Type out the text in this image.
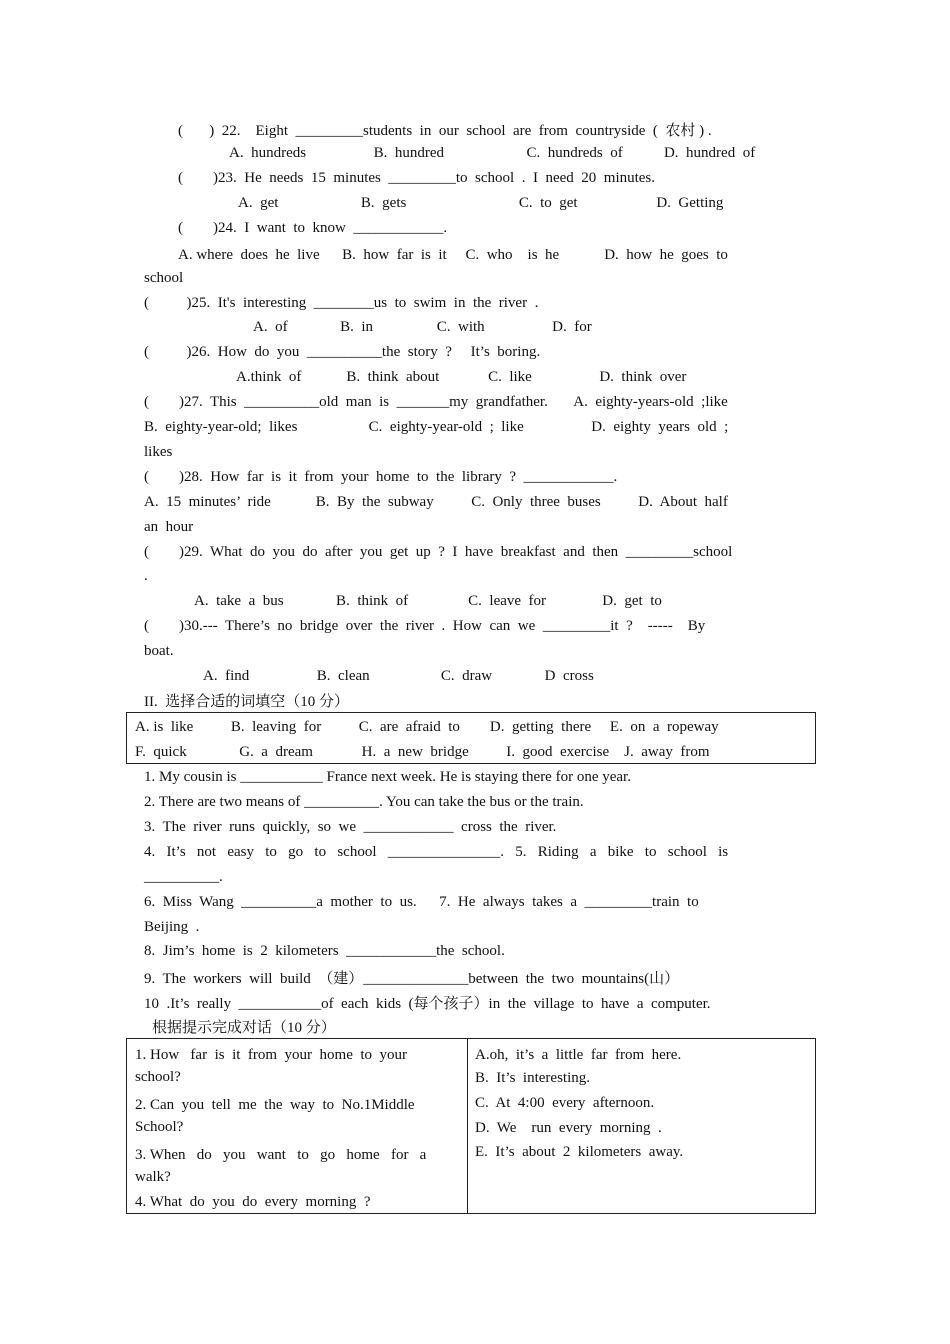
(       )  22.    Eight  _________students  in  our  school  are  from  countryside  (  农村 ) .
A.  hundreds                  B.  hundred                      C.  hundreds  of           D.  hundred  of
(        )23.  He  needs  15  minutes  _________to  school  .  I  need  20  minutes.
A.  get                      B.  gets                              C.  to  get                     D.  Getting
(        )24.  I  want  to  know  ____________.
A. where  does  he  live      B.  how  far  is  it     C.  who    is  he            D.  how  he  goes  to
school
(          )25.  It's  interesting  ________us  to  swim  in  the  river  .
A.  of              B.  in                 C.  with                  D.  for
(          )26.  How  do  you  __________the  story  ?     It’s  boring.
A.think  of            B.  think  about             C.  like                  D.  think  over
(        )27.  This  __________old  man  is  _______my  grandfather.       A.  eighty-years-old  ;like
B.  eighty-year-old;  likes                   C.  eighty-year-old  ;  like                  D.  eighty  years  old  ;
likes
(        )28.  How  far  is  it  from  your  home  to  the  library  ?  ____________.
A.  15  minutes’  ride            B.  By  the  subway          C.  Only  three  buses          D.  About  half
an  hour
(        )29.  What  do  you  do  after  you  get  up  ?  I  have  breakfast  and  then  _________school
.
A.  take  a  bus              B.  think  of                C.  leave  for               D.  get  to
(        )30.---  There’s  no  bridge  over  the  river  .  How  can  we  _________it  ?    -----    By
boat.
A.  find                  B.  clean                   C.  draw              D  cross
II.  选择合适的词填空（10 分）
A. is  like          B.  leaving  for          C.  are  afraid  to        D.  getting  there     E.  on  a  ropeway
F.  quick              G.  a  dream             H.  a  new  bridge          I.  good  exercise    J.  away  from
1. My cousin is ___________ France next week. He is staying there for one year.
2. There are two means of __________. You can take the bus or the train.
3.  The  river  runs  quickly,  so  we  ____________  cross  the  river.
4.   It’s   not   easy   to   go   to   school   _______________.   5.   Riding   a   bike   to   school   is
__________.
6.  Miss  Wang  __________a  mother  to  us.      7.  He  always  takes  a  _________train  to
Beijing  .
8.  Jim’s  home  is  2  kilometers  ____________the  school.
9.  The  workers  will  build  （建）______________between  the  two  mountains(山）
10  .It’s  really  ___________of  each  kids  (每个孩子）in  the  village  to  have  a  computer.
根据提示完成对话（10 分）
1. How   far  is  it  from  your  home  to  your
school?
2. Can  you  tell  me  the  way  to  No.1Middle
School?
3. When   do   you   want   to   go   home   for   a
walk?
4. What  do  you  do  every  morning  ?
A.oh,  it’s  a  little  far  from  here.
B.  It’s  interesting.
C.  At  4:00  every  afternoon.
D.  We    run  every  morning  .
E.  It’s  about  2  kilometers  away.
